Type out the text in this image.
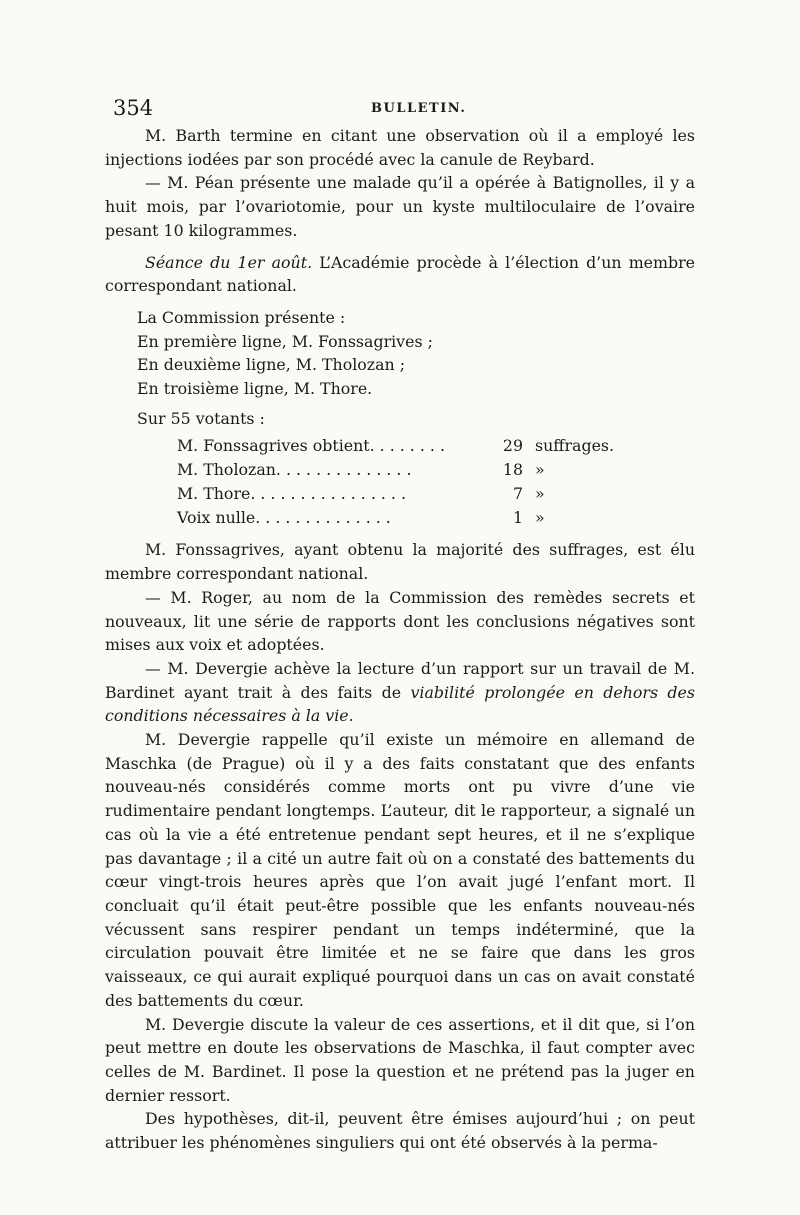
354	BULLETIN.

M. Barth termine en citant une observation où il a employé les injections iodées par son procédé avec la canule de Reybard.

— M. Péan présente une malade qu’il a opérée à Batignolles, il y a huit mois, par l’ovariotomie, pour un kyste multiloculaire de l’ovaire pesant 10 kilogrammes.

Séance du 1er août. L’Académie procède à l’élection d’un membre correspondant national.

La Commission présente :
En première ligne, M. Fonssagrives ;
En deuxième ligne, M. Tholozan ;
En troisième ligne, M. Thore.
Sur 55 votants :
M. Fonssagrives obtient. . . . . . . .	29	suffrages.
M. Tholozan. . . . . . . . . . . . . .	18	»
M. Thore. . . . . . . . . . . . . . . .	7	»
Voix nulle. . . . . . . . . . . . . .	1	»

M. Fonssagrives, ayant obtenu la majorité des suffrages, est élu membre correspondant national.

— M. Roger, au nom de la Commission des remèdes secrets et nouveaux, lit une série de rapports dont les conclusions négatives sont mises aux voix et adoptées.

— M. Devergie achève la lecture d’un rapport sur un travail de M. Bardinet ayant trait à des faits de viabilité prolongée en dehors des conditions nécessaires à la vie.

M. Devergie rappelle qu’il existe un mémoire en allemand de Maschka (de Prague) où il y a des faits constatant que des enfants nouveau-nés considérés comme morts ont pu vivre d’une vie rudimentaire pendant longtemps. L’auteur, dit le rapporteur, a signalé un cas où la vie a été entretenue pendant sept heures, et il ne s’explique pas davantage ; il a cité un autre fait où on a constaté des battements du cœur vingt-trois heures après que l’on avait jugé l’enfant mort. Il concluait qu’il était peut-être possible que les enfants nouveau-nés vécussent sans respirer pendant un temps indéterminé, que la circulation pouvait être limitée et ne se faire que dans les gros vaisseaux, ce qui aurait expliqué pourquoi dans un cas on avait constaté des battements du cœur.

M. Devergie discute la valeur de ces assertions, et il dit que, si l’on peut mettre en doute les observations de Maschka, il faut compter avec celles de M. Bardinet. Il pose la question et ne prétend pas la juger en dernier ressort.

Des hypothèses, dit-il, peuvent être émises aujourd’hui ; on peut attribuer les phénomènes singuliers qui ont été observés à la perma-
